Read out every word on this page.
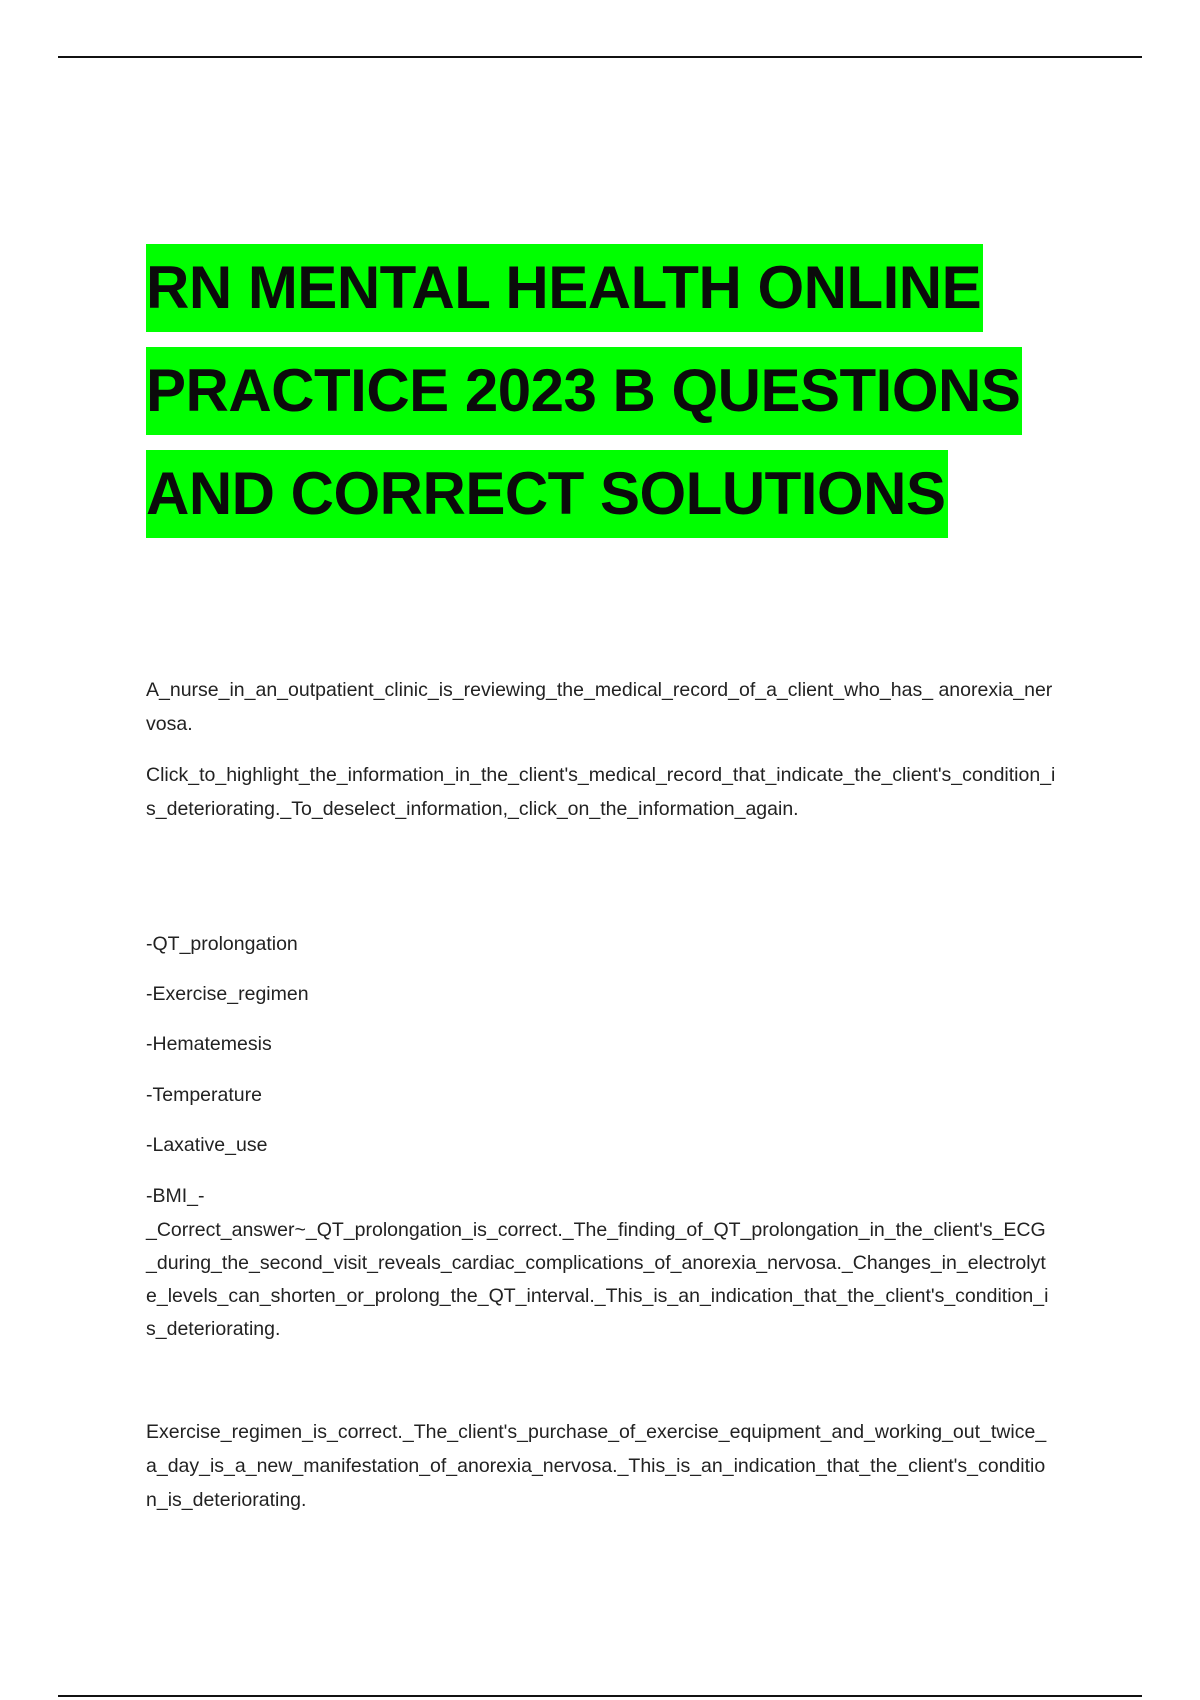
RN MENTAL HEALTH ONLINE
PRACTICE 2023 B QUESTIONS
AND CORRECT SOLUTIONS

A_nurse_in_an_outpatient_clinic_is_reviewing_the_medical_record_of_a_client_who_has_ anorexia_nervosa.

Click_to_highlight_the_information_in_the_client's_medical_record_that_indicate_the_client's_condition_is_deteriorating._To_deselect_information,_click_on_the_information_again.

-QT_prolongation

-Exercise_regimen

-Hematemesis

-Temperature

-Laxative_use

-BMI_-

_Correct_answer~_QT_prolongation_is_correct._The_finding_of_QT_prolongation_in_the_client's_ECG_during_the_second_visit_reveals_cardiac_complications_of_anorexia_nervosa._Changes_in_electrolyte_levels_can_shorten_or_prolong_the_QT_interval._This_is_an_indication_that_the_client's_condition_is_deteriorating.

Exercise_regimen_is_correct._The_client's_purchase_of_exercise_equipment_and_working_out_twice_a_day_is_a_new_manifestation_of_anorexia_nervosa._This_is_an_indication_that_the_client's_condition_is_deteriorating.
